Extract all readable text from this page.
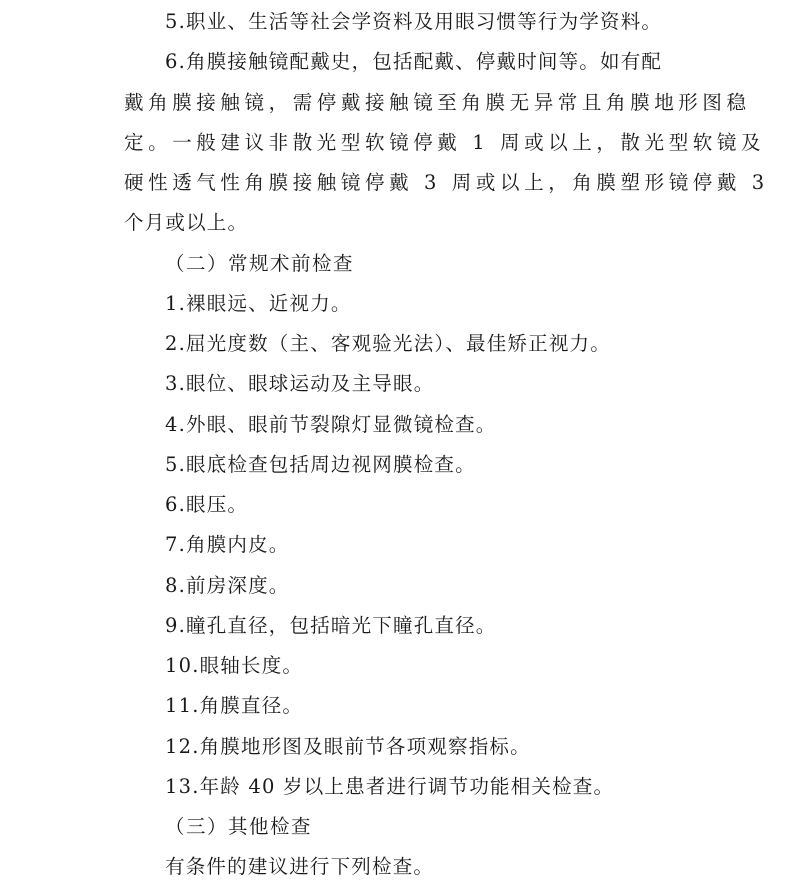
5.职业、生活等社会学资料及用眼习惯等行为学资料。
6.角膜接触镜配戴史，包括配戴、停戴时间等。如有配
戴角膜接触镜，需停戴接触镜至角膜无异常且角膜地形图稳
定。一般建议非散光型软镜停戴 1 周或以上，散光型软镜及
硬性透气性角膜接触镜停戴 3 周或以上，角膜塑形镜停戴 3
个月或以上。
（二）常规术前检查
1.裸眼远、近视力。
2.屈光度数（主、客观验光法）、最佳矫正视力。
3.眼位、眼球运动及主导眼。
4.外眼、眼前节裂隙灯显微镜检查。
5.眼底检查包括周边视网膜检查。
6.眼压。
7.角膜内皮。
8.前房深度。
9.瞳孔直径，包括暗光下瞳孔直径。
10.眼轴长度。
11.角膜直径。
12.角膜地形图及眼前节各项观察指标。
13.年龄 40 岁以上患者进行调节功能相关检查。
（三）其他检查
有条件的建议进行下列检查。
